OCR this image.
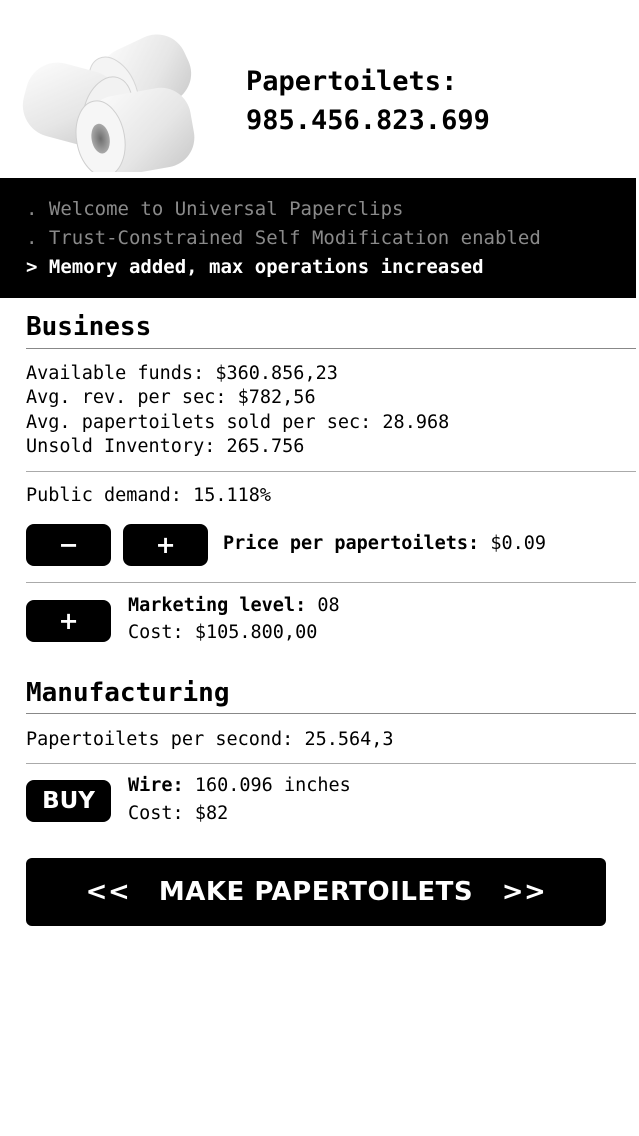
Papertoilets:
985.456.823.699
. Welcome to Universal Paperclips
. Trust-Constrained Self Modification enabled
> Memory added, max operations increased
Business
Available funds: $360.856,23
Avg. rev. per sec: $782,56
Avg. papertoilets sold per sec: 28.968
Unsold Inventory: 265.756
Public demand: 15.118%
−	+	Price per papertoilets: $0.09
+
Marketing level: 08
Cost: $105.800,00
Manufacturing
Papertoilets per second: 25.564,3
BUY
Wire: 160.096 inches
Cost: $82
<<
MAKE PAPERTOILETS
>>
